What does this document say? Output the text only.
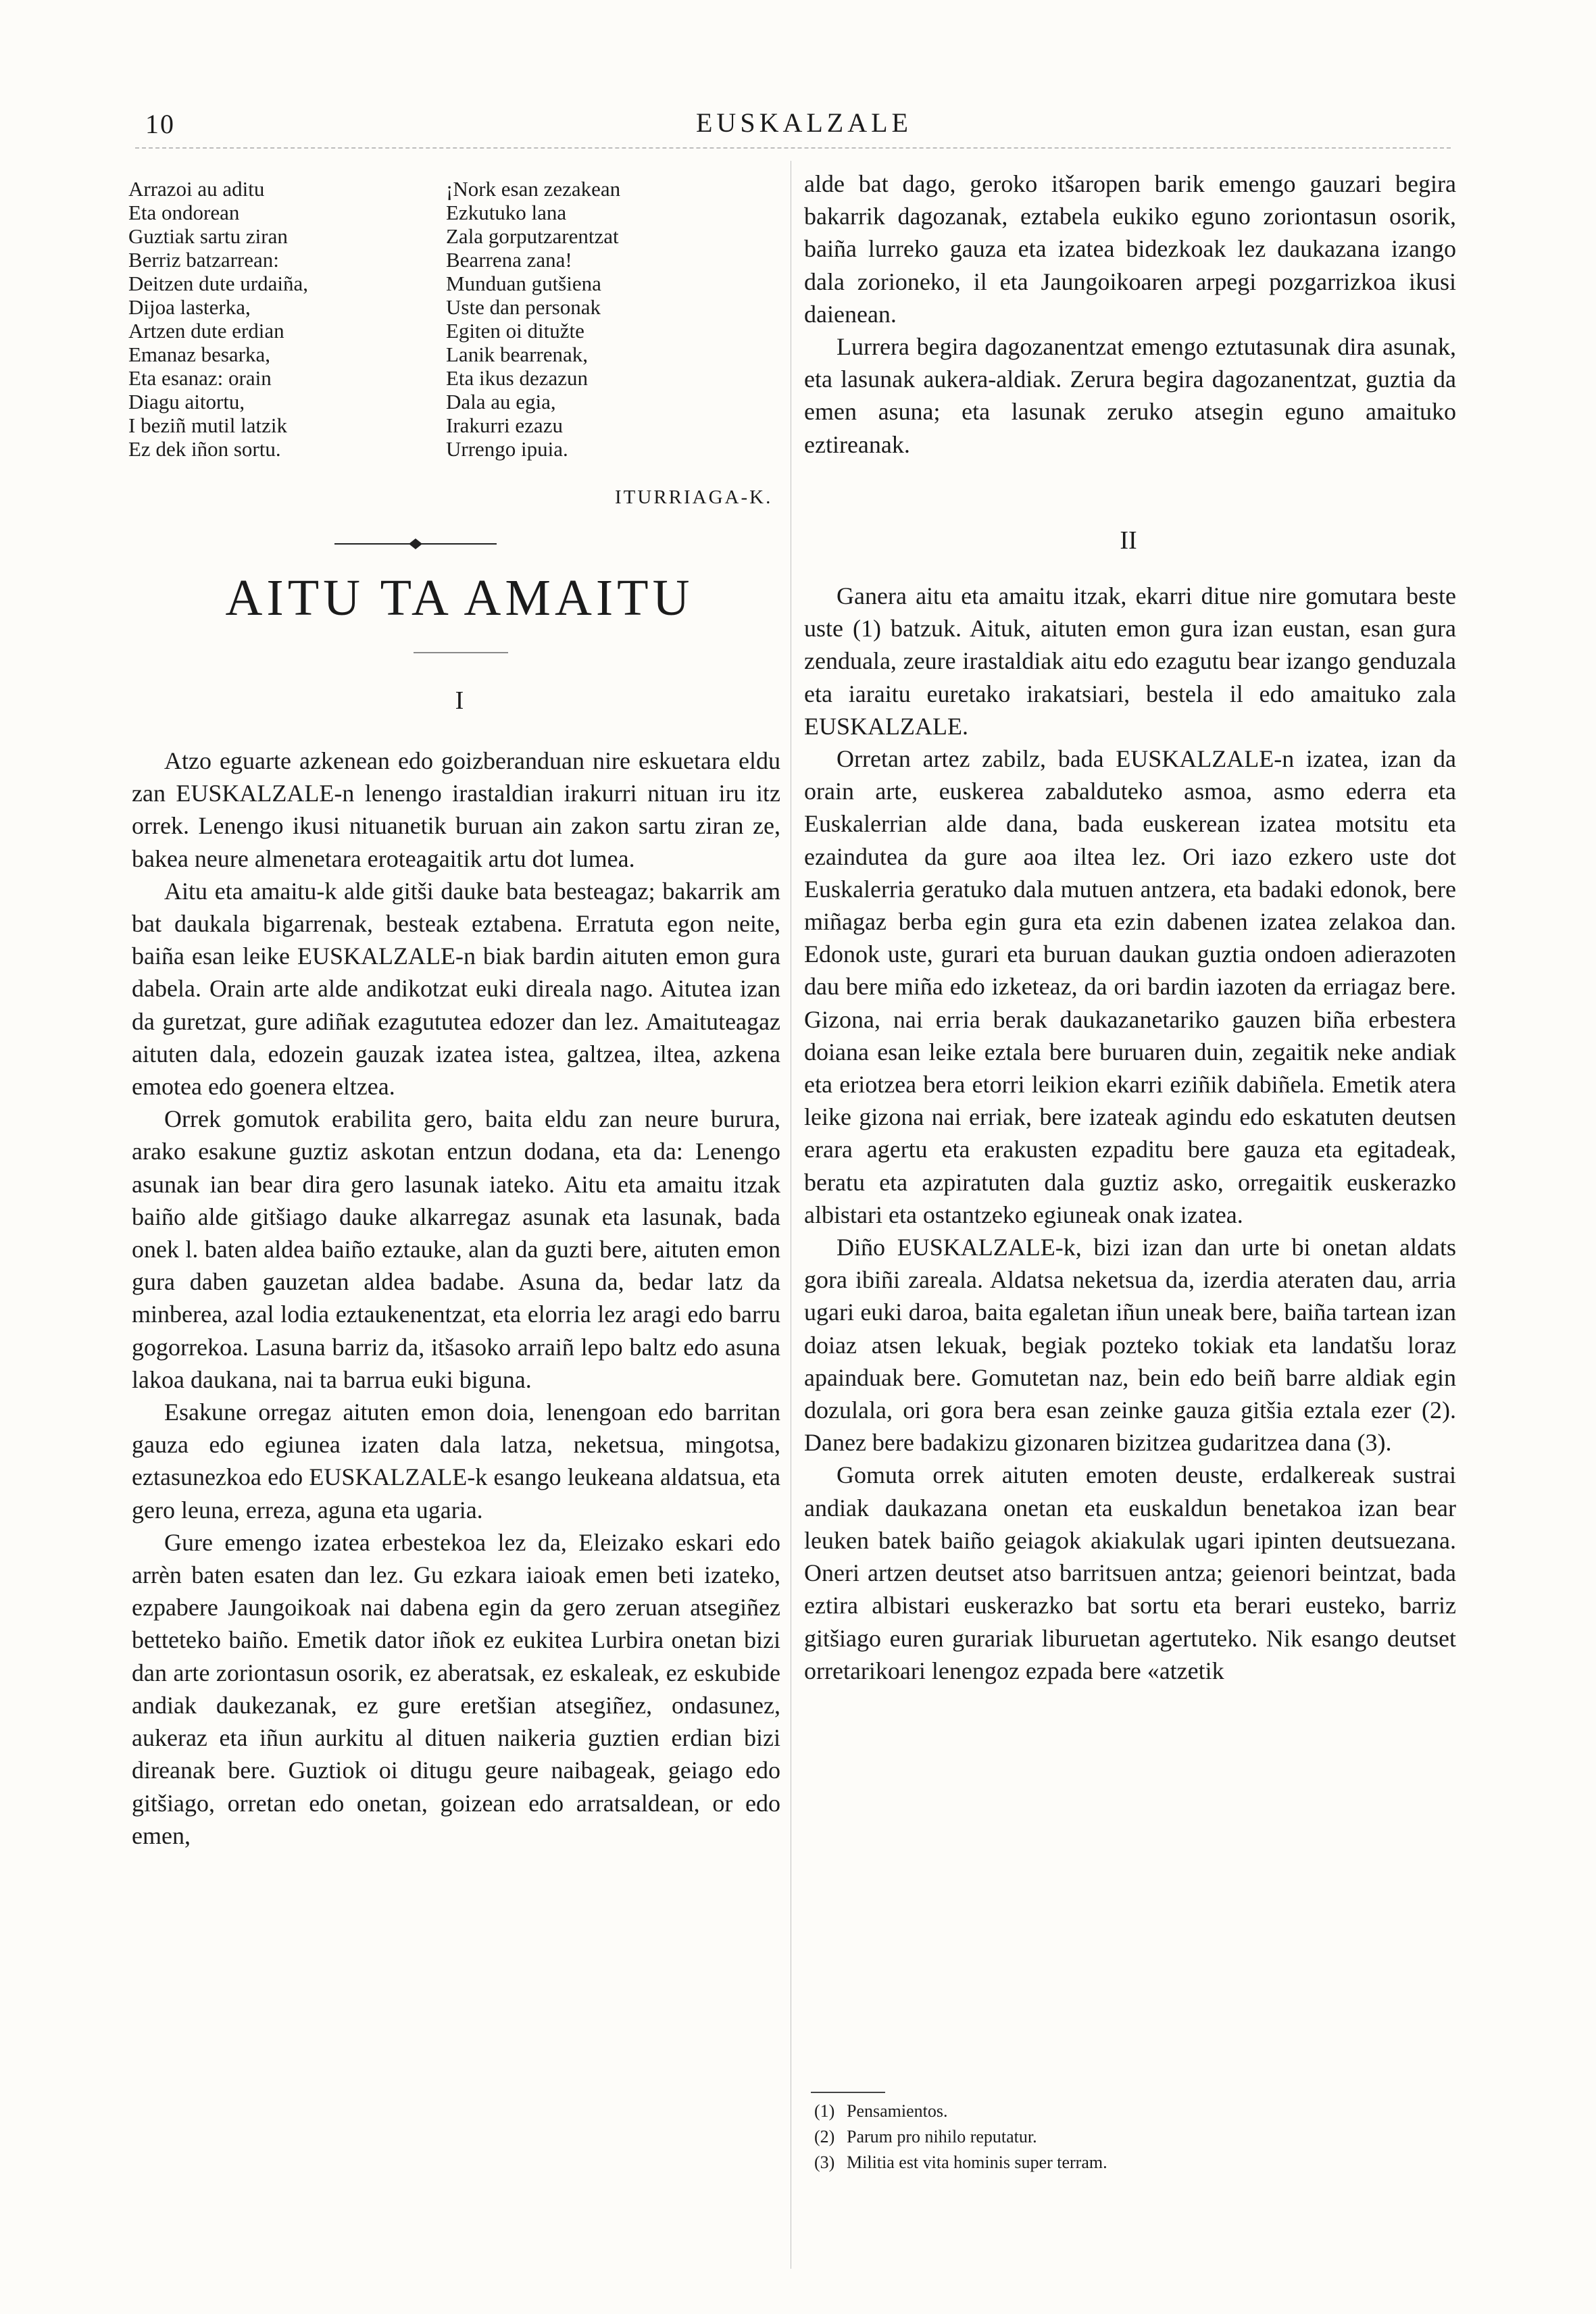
10	EUSKALZALE
Arrazoi au aditu
Eta ondorean
Guztiak sartu ziran
Berriz batzarrean:
Deitzen dute urdaiña,
Dijoa lasterka,
Artzen dute erdian
Emanaz besarka,
Eta esanaz: orain
Diagu aitortu,
I beziñ mutil latzik
Ez dek iñon sortu.
¡Nork esan zezakean
Ezkutuko lana
Zala gorputzarentzat
Bearrena zana!
Munduan gutšiena
Uste dan personak
Egiten oi ditužte
Lanik bearrenak,
Eta ikus dezazun
Dala au egia,
Irakurri ezazu
Urrengo ipuia.
ITURRIAGA-K.
AITU TA AMAITU
I

Atzo eguarte azkenean edo goizberanduan nire eskuetara eldu zan EUSKALZALE-n lenengo irastaldian irakurri nituan iru itz orrek. Lenengo ikusi nituanetik buruan ain zakon sartu ziran ze, bakea neure almenetara eroteagaitik artu dot lumea.

Aitu eta amaitu-k alde gitši dauke bata besteagaz; bakarrik am bat daukala bigarrenak, besteak eztabena. Erratuta egon neite, baiña esan leike EUSKALZALE-n biak bardin aituten emon gura dabela. Orain arte alde andikotzat euki direala nago. Aitutea izan da guretzat, gure adiñak ezagututea edozer dan lez. Amaituteagaz aituten dala, edozein gauzak izatea istea, galtzea, iltea, azkena emotea edo goenera eltzea.

Orrek gomutok erabilita gero, baita eldu zan neure burura, arako esakune guztiz askotan entzun dodana, eta da: Lenengo asunak ian bear dira gero lasunak iateko. Aitu eta amaitu itzak baiño alde gitšiago dauke alkarregaz asunak eta lasunak, bada onek l. baten aldea baiño eztauke, alan da guzti bere, aituten emon gura daben gauzetan aldea badabe. Asuna da, bedar latz da minberea, azal lodia eztaukenentzat, eta elorria lez aragi edo barru gogorrekoa. Lasuna barriz da, itšasoko arraiñ lepo baltz edo asuna lakoa daukana, nai ta barrua euki biguna.

Esakune orregaz aituten emon doia, lenengoan edo barritan gauza edo egiunea izaten dala latza, neketsua, mingotsa, eztasunezkoa edo EUSKALZALE-k esango leukeana aldatsua, eta gero leuna, erreza, aguna eta ugaria.

Gure emengo izatea erbestekoa lez da, Eleizako eskari edo arrèn baten esaten dan lez. Gu ezkara iaioak emen beti izateko, ezpabere Jaungoikoak nai dabena egin da gero zeruan atsegiñez betteteko baiño. Emetik dator iñok ez eukitea Lurbira onetan bizi dan arte zoriontasun osorik, ez aberatsak, ez eskaleak, ez eskubide andiak daukezanak, ez gure eretšian atsegiñez, ondasunez, aukeraz eta iñun aurkitu al dituen naikeria guztien erdian bizi direanak bere. Guztiok oi ditugu geure naibageak, geiago edo gitšiago, orretan edo onetan, goizean edo arratsaldean, or edo emen,

alde bat dago, geroko itšaropen barik emengo gauzari begira bakarrik dagozanak, eztabela eukiko eguno zoriontasun osorik, baiña lurreko gauza eta izatea bidezkoak lez daukazana izango dala zorioneko, il eta Jaungoikoaren arpegi pozgarrizkoa ikusi daienean.

Lurrera begira dagozanentzat emengo eztutasunak dira asunak, eta lasunak aukera-aldiak. Zerura begira dagozanentzat, guztia da emen asuna; eta lasunak zeruko atsegin eguno amaituko eztireanak.

II

Ganera aitu eta amaitu itzak, ekarri ditue nire gomutara beste uste (1) batzuk. Aituk, aituten emon gura izan eustan, esan gura zenduala, zeure irastaldiak aitu edo ezagutu bear izango genduzala eta iaraitu euretako irakatsiari, bestela il edo amaituko zala EUSKALZALE.

Orretan artez zabilz, bada EUSKALZALE-n izatea, izan da orain arte, euskerea zabalduteko asmoa, asmo ederra eta Euskalerrian alde dana, bada euskerean izatea motsitu eta ezaindutea da gure aoa iltea lez. Ori iazo ezkero uste dot Euskalerria geratuko dala mutuen antzera, eta badaki edonok, bere miñagaz berba egin gura eta ezin dabenen izatea zelakoa dan. Edonok uste, gurari eta buruan daukan guztia ondoen adierazoten dau bere miña edo izketeaz, da ori bardin iazoten da erriagaz bere. Gizona, nai erria berak daukazanetariko gauzen biña erbestera doiana esan leike eztala bere buruaren duin, zegaitik neke andiak eta eriotzea bera etorri leikion ekarri eziñik dabiñela. Emetik atera leike gizona nai erriak, bere izateak agindu edo eskatuten deutsen erara agertu eta erakusten ezpaditu bere gauza eta egitadeak, beratu eta azpiratuten dala guztiz asko, orregaitik euskerazko albistari eta ostantzeko egiuneak onak izatea.

Diño EUSKALZALE-k, bizi izan dan urte bi onetan aldats gora ibiñi zareala. Aldatsa neketsua da, izerdia ateraten dau, arria ugari euki daroa, baita egaletan iñun uneak bere, baiña tartean izan doiaz atsen lekuak, begiak pozteko tokiak eta landatšu loraz apainduak bere. Gomutetan naz, bein edo beiñ barre aldiak egin dozulala, ori gora bera esan zeinke gauza gitšia eztala ezer (2). Danez bere badakizu gizonaren bizitzea gudaritzea dana (3).

Gomuta orrek aituten emoten deuste, erdalkereak sustrai andiak daukazana onetan eta euskaldun benetakoa izan bear leuken batek baiño geiagok akiakulak ugari ipinten deutsuezana. Oneri artzen deutset atso barritsuen antza; geienori beintzat, bada eztira albistari euskerazko bat sortu eta berari eusteko, barriz gitšiago euren gurariak liburuetan agertuteko. Nik esango deutset orretarikoari lenengoz ezpada bere «atzetik

(1) Pensamientos.
(2) Parum pro nihilo reputatur.
(3) Militia est vita hominis super terram.
